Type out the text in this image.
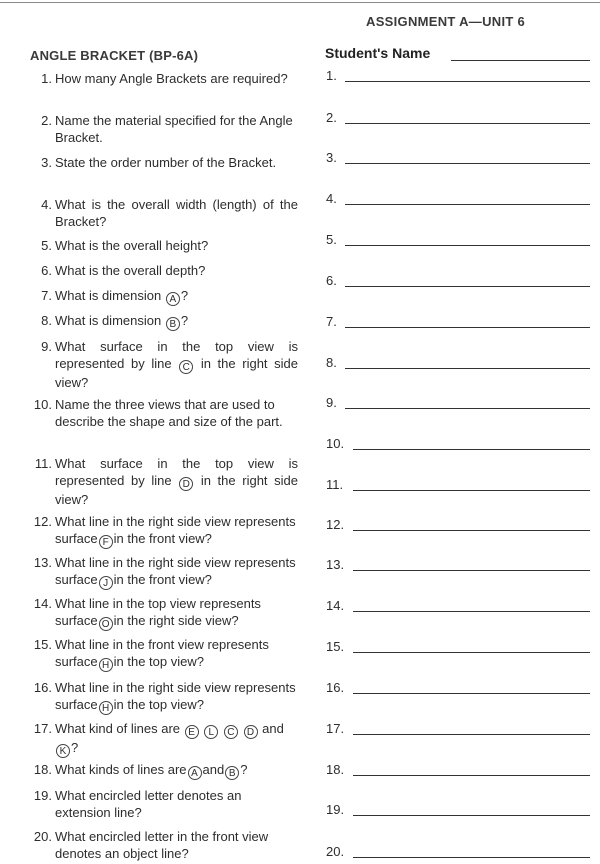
ASSIGNMENT A—UNIT 6
ANGLE BRACKET (BP-6A)	Student's Name
1. How many Angle Brackets are required?
2. Name the material specified for the Angle Bracket.
3. State the order number of the Bracket.
4. What is the overall width (length) of the Bracket?
5. What is the overall height?
6. What is the overall depth?
7. What is dimension A ?
8. What is dimension B ?
9. What surface in the top view is represented by line C in the right side view?
10. Name the three views that are used to describe the shape and size of the part.
11. What surface in the top view is represented by line D in the right side view?
12. What line in the right side view represents surface F in the front view?
13. What line in the right side view represents surface J in the front view?
14. What line in the top view represents surface O in the right side view?
15. What line in the front view represents surface H in the top view?
16. What line in the right side view represents surface H in the top view?
17. What kind of lines are E L C D andK ?
18. What kinds of lines are A and B ?
19. What encircled letter denotes an extension line?
20. What encircled letter in the front view denotes an object line?
1.
2.
3.
4.
5.
6.
7.
8.
9.
10.
11.
12.
13.
14.
15.
16.
17.
18.
19.
20.
